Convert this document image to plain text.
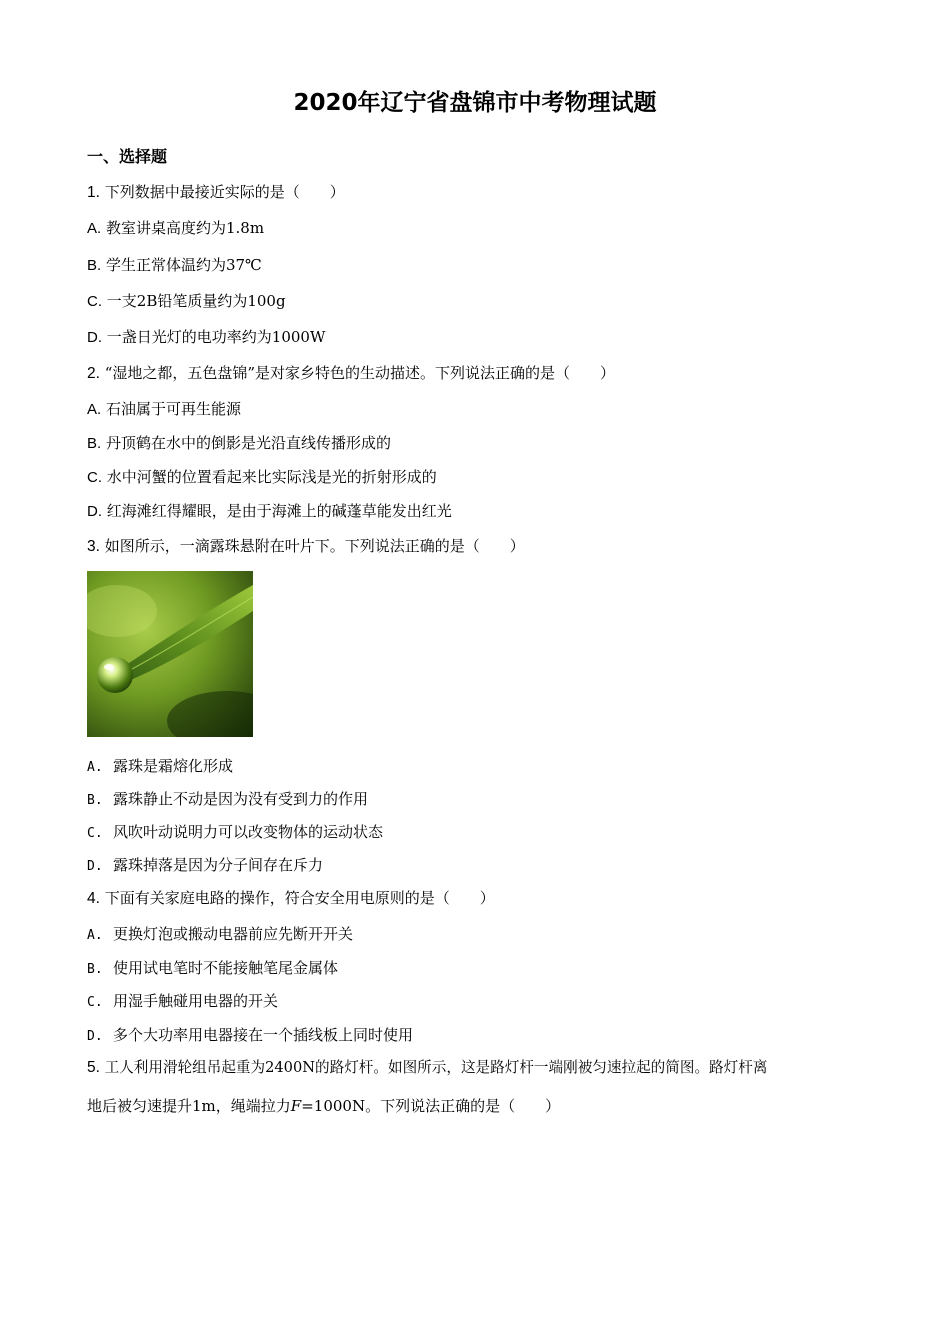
2020年辽宁省盘锦市中考物理试题
一、选择题
1. 下列数据中最接近实际的是（　　）
A. 教室讲桌高度约为1.8m
B. 学生正常体温约为37℃
C. 一支2B铅笔质量约为100g
D. 一盏日光灯的电功率约为1000W
2. “湿地之都，五色盘锦”是对家乡特色的生动描述。下列说法正确的是（　　）
A. 石油属于可再生能源
B. 丹顶鹤在水中的倒影是光沿直线传播形成的
C. 水中河蟹的位置看起来比实际浅是光的折射形成的
D. 红海滩红得耀眼，是由于海滩上的碱蓬草能发出红光
3. 如图所示，一滴露珠悬附在叶片下。下列说法正确的是（　　）
A. 露珠是霜熔化形成
B. 露珠静止不动是因为没有受到力的作用
C. 风吹叶动说明力可以改变物体的运动状态
D. 露珠掉落是因为分子间存在斥力
4. 下面有关家庭电路的操作，符合安全用电原则的是（　　）
A. 更换灯泡或搬动电器前应先断开开关
B. 使用试电笔时不能接触笔尾金属体
C. 用湿手触碰用电器的开关
D. 多个大功率用电器接在一个插线板上同时使用
5. 工人利用滑轮组吊起重为2400N的路灯杆。如图所示，这是路灯杆一端刚被匀速拉起的简图。路灯杆离
地后被匀速提升1m，绳端拉力F=1000N。下列说法正确的是（　　）
